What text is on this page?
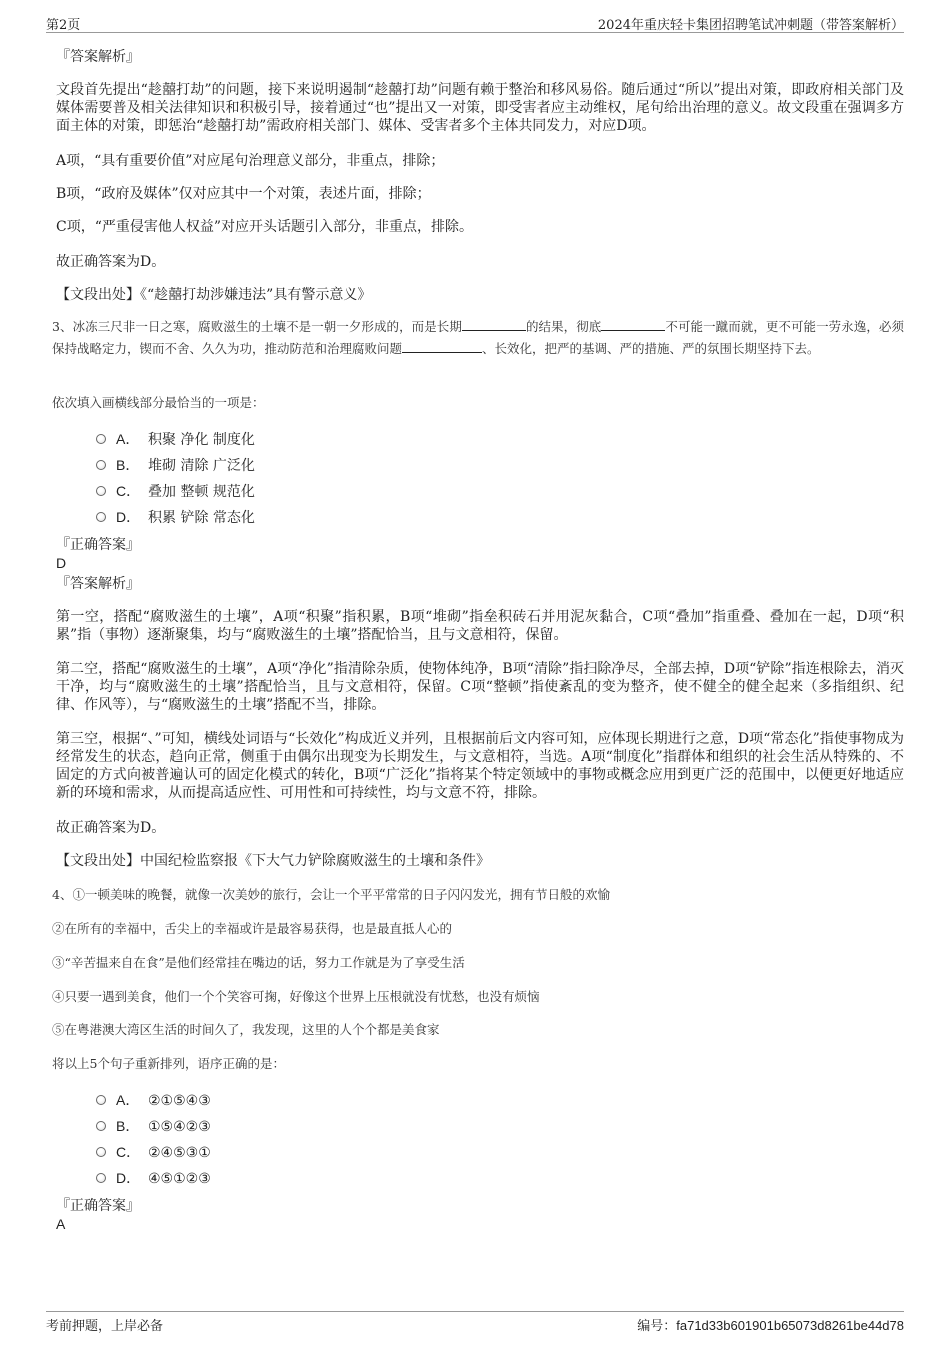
第2页	2024年重庆轻卡集团招聘笔试冲刺题（带答案解析）
『答案解析』
文段首先提出“趁囍打劫”的问题，接下来说明遏制“趁囍打劫”问题有赖于整治和移风易俗。随后通过“所以”提出对策，即政府相关部门及媒体需要普及相关法律知识和积极引导，接着通过“也”提出又一对策，即受害者应主动维权，尾句给出治理的意义。故文段重在强调多方面主体的对策，即惩治“趁囍打劫”需政府相关部门、媒体、受害者多个主体共同发力，对应D项。
A项，“具有重要价值”对应尾句治理意义部分，非重点，排除；
B项，“政府及媒体”仅对应其中一个对策，表述片面，排除；
C项，“严重侵害他人权益”对应开头话题引入部分，非重点，排除。
故正确答案为D。
【文段出处】《“趁囍打劫涉嫌违法”具有警示意义》
3、冰冻三尺非一日之寒，腐败滋生的土壤不是一朝一夕形成的，而是长期	的结果，彻底	不可能一蹴而就，更不可能一劳永逸，必须保持战略定力，锲而不舍、久久为功，推动防范和治理腐败问题	、长效化，把严的基调、严的措施、严的氛围长期坚持下去。
依次填入画横线部分最恰当的一项是：
A． 积聚 净化 制度化
B． 堆砌 清除 广泛化
C． 叠加 整顿 规范化
D． 积累 铲除 常态化
『正确答案』
D
『答案解析』
第一空，搭配“腐败滋生的土壤”，A项“积聚”指积累，B项“堆砌”指垒积砖石并用泥灰黏合，C项“叠加”指重叠、叠加在一起，D项“积累”指（事物）逐渐聚集，均与“腐败滋生的土壤”搭配恰当，且与文意相符，保留。
第二空，搭配“腐败滋生的土壤”，A项“净化”指清除杂质，使物体纯净，B项“清除”指扫除净尽，全部去掉，D项“铲除”指连根除去，消灭干净，均与“腐败滋生的土壤”搭配恰当，且与文意相符，保留。C项“整顿”指使紊乱的变为整齐，使不健全的健全起来（多指组织、纪律、作风等），与“腐败滋生的土壤”搭配不当，排除。
第三空，根据“、”可知，横线处词语与“长效化”构成近义并列，且根据前后文内容可知，应体现长期进行之意，D项“常态化”指使事物成为经常发生的状态，趋向正常，侧重于由偶尔出现变为长期发生，与文意相符，当选。A项“制度化”指群体和组织的社会生活从特殊的、不固定的方式向被普遍认可的固定化模式的转化，B项“广泛化”指将某个特定领域中的事物或概念应用到更广泛的范围中，以便更好地适应新的环境和需求，从而提高适应性、可用性和可持续性，均与文意不符，排除。
故正确答案为D。
【文段出处】中国纪检监察报《下大气力铲除腐败滋生的土壤和条件》
4、①一顿美味的晚餐，就像一次美妙的旅行，会让一个平平常常的日子闪闪发光，拥有节日般的欢愉
②在所有的幸福中，舌尖上的幸福或许是最容易获得，也是最直抵人心的
③“辛苦揾来自在食”是他们经常挂在嘴边的话，努力工作就是为了享受生活
④只要一遇到美食，他们一个个笑容可掬，好像这个世界上压根就没有忧愁，也没有烦恼
⑤在粤港澳大湾区生活的时间久了，我发现，这里的人个个都是美食家
将以上5个句子重新排列，语序正确的是：
A． ②①⑤④③
B． ①⑤④②③
C． ②④⑤③①
D． ④⑤①②③
『正确答案』
A
考前押题，上岸必备	编号：fa71d33b601901b65073d8261be44d78
